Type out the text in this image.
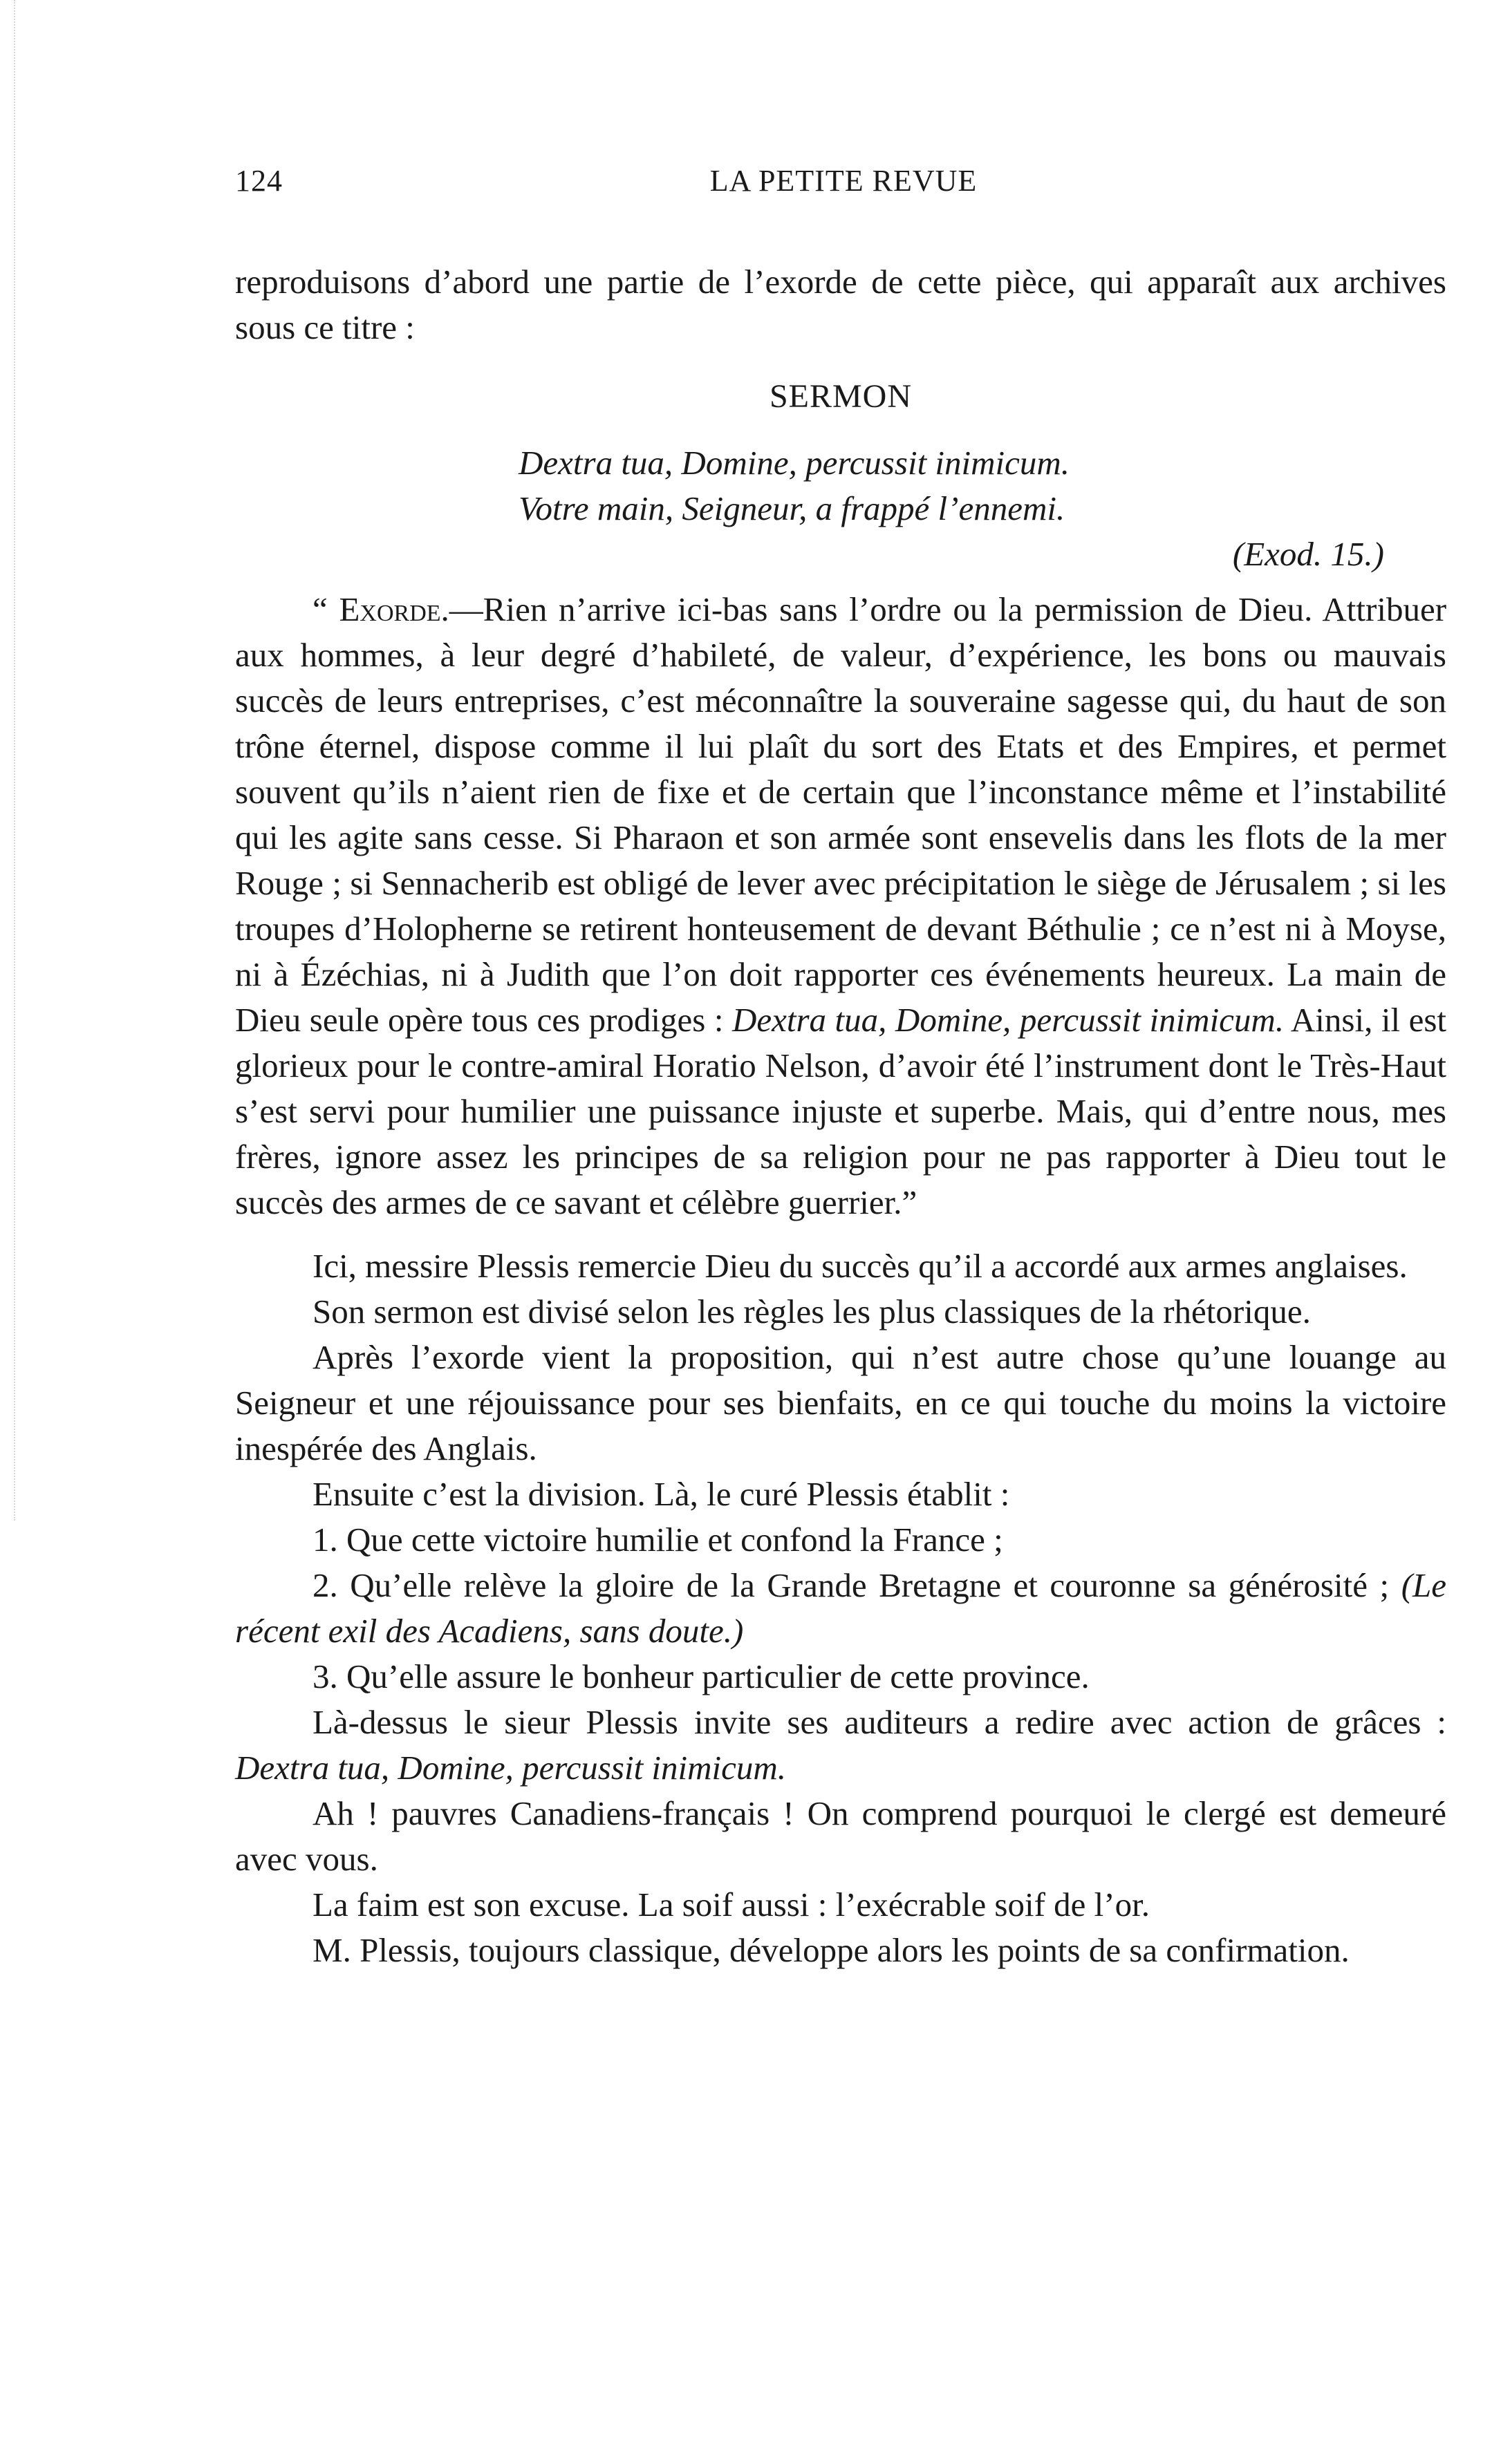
124	LA PETITE REVUE

reproduisons d’abord une partie de l’exorde de cette pièce, qui apparaît aux archives sous ce titre :

SERMON

Dextra tua, Domine, percussit inimicum.
Votre main, Seigneur, a frappé l’ennemi.
(Exod. 15.)

“ Exorde.—Rien n’arrive ici-bas sans l’ordre ou la permission de Dieu. Attribuer aux hommes, à leur degré d’habileté, de valeur, d’expérience, les bons ou mauvais succès de leurs entreprises, c’est méconnaître la souveraine sagesse qui, du haut de son trône éternel, dispose comme il lui plaît du sort des Etats et des Empires, et permet souvent qu’ils n’aient rien de fixe et de certain que l’inconstance même et l’instabilité qui les agite sans cesse. Si Pharaon et son armée sont ensevelis dans les flots de la mer Rouge ; si Sennacherib est obligé de lever avec précipitation le siège de Jérusalem ; si les troupes d’Holopherne se retirent honteusement de devant Béthulie ; ce n’est ni à Moyse, ni à Ézéchias, ni à Judith que l’on doit rapporter ces événements heureux. La main de Dieu seule opère tous ces prodiges : Dextra tua, Domine, percussit inimicum. Ainsi, il est glorieux pour le contre-amiral Horatio Nelson, d’avoir été l’instrument dont le Très-Haut s’est servi pour humilier une puissance injuste et superbe. Mais, qui d’entre nous, mes frères, ignore assez les principes de sa religion pour ne pas rapporter à Dieu tout le succès des armes de ce savant et célèbre guerrier.”

Ici, messire Plessis remercie Dieu du succès qu’il a accordé aux armes anglaises.

Son sermon est divisé selon les règles les plus classiques de la rhétorique.

Après l’exorde vient la proposition, qui n’est autre chose qu’une louange au Seigneur et une réjouissance pour ses bienfaits, en ce qui touche du moins la victoire inespérée des Anglais.

Ensuite c’est la division. Là, le curé Plessis établit :

1. Que cette victoire humilie et confond la France ;

2. Qu’elle relève la gloire de la Grande Bretagne et couronne sa générosité ; (Le récent exil des Acadiens, sans doute.)

3. Qu’elle assure le bonheur particulier de cette province.

Là-dessus le sieur Plessis invite ses auditeurs a redire avec action de grâces : Dextra tua, Domine, percussit inimicum.

Ah ! pauvres Canadiens-français ! On comprend pourquoi le clergé est demeuré avec vous.

La faim est son excuse. La soif aussi : l’exécrable soif de l’or.

M. Plessis, toujours classique, développe alors les points de sa confirmation.
